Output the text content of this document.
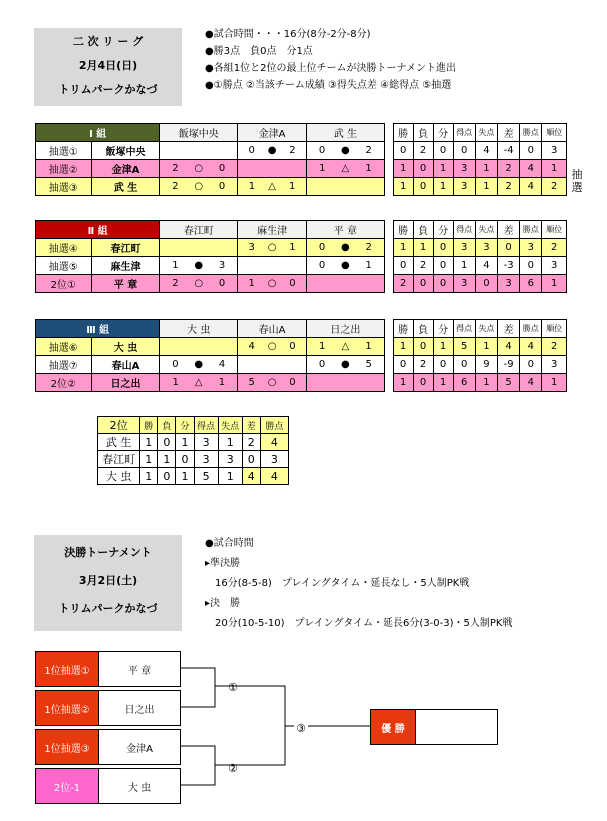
二 次 リ ー グ
2月4日(日)
トリムパークかなづ
●試合時間・・・16分(8分-2分-8分)
●勝3点　負0点　分1点
●各組1位と2位の最上位チームが決勝トーナメント進出
●①勝点 ②当該チーム成績 ③得失点差 ④総得点 ⑤抽選
Ⅰ 組		飯塚中央	金津A	武 生		勝	負	分	得点	失点	差	勝点	順位
抽選①	飯塚中央		0 ● 2	0 ● 2		0	2	0	0	4	-4	0	3
抽選②	金津A	2 ○ 0		1 △ 1		1	0	1	3	1	2	4	1
抽選③	武 生	2 ○ 0	1 △ 1			1	0	1	3	1	2	4	2
Ⅱ 組		春江町	麻生津	平 章		勝	負	分	得点	失点	差	勝点	順位
抽選④	春江町		3 ○ 1	0 ● 2		1	1	0	3	3	0	3	2
抽選⑤	麻生津	1 ● 3		0 ● 1		0	2	0	1	4	-3	0	3
2位①	平 章	2 ○ 0	1 ○ 0			2	0	0	3	0	3	6	1
Ⅲ 組		大 虫	春山A	日之出		勝	負	分	得点	失点	差	勝点	順位
抽選⑥	大 虫		4 ○ 0	1 △ 1		1	0	1	5	1	4	4	2
抽選⑦	春山A	0 ● 4		0 ● 5		0	2	0	0	9	-9	0	3
2位②	日之出	1 △ 1	5 ○ 0			1	0	1	6	1	5	4	1
抽選
2位	勝	負	分	得点	失点	差	勝点
武 生	1	0	1	3	1	2	4
春江町	1	1	0	3	3	0	3
大 虫	1	0	1	5	1	4	4
決勝トーナメント
3月2日(土)
トリムパークかなづ
●試合時間
▸準決勝
　16分(8-5-8)　プレイングタイム・延長なし・5人制PK戦
▸決　勝
　20分(10-5-10)　プレイングタイム・延長6分(3-0-3)・5人制PK戦
1位抽選①	平 章
1位抽選②	日之出
1位抽選③	金津A
2位-1	大 虫
①
②
③	優 勝
